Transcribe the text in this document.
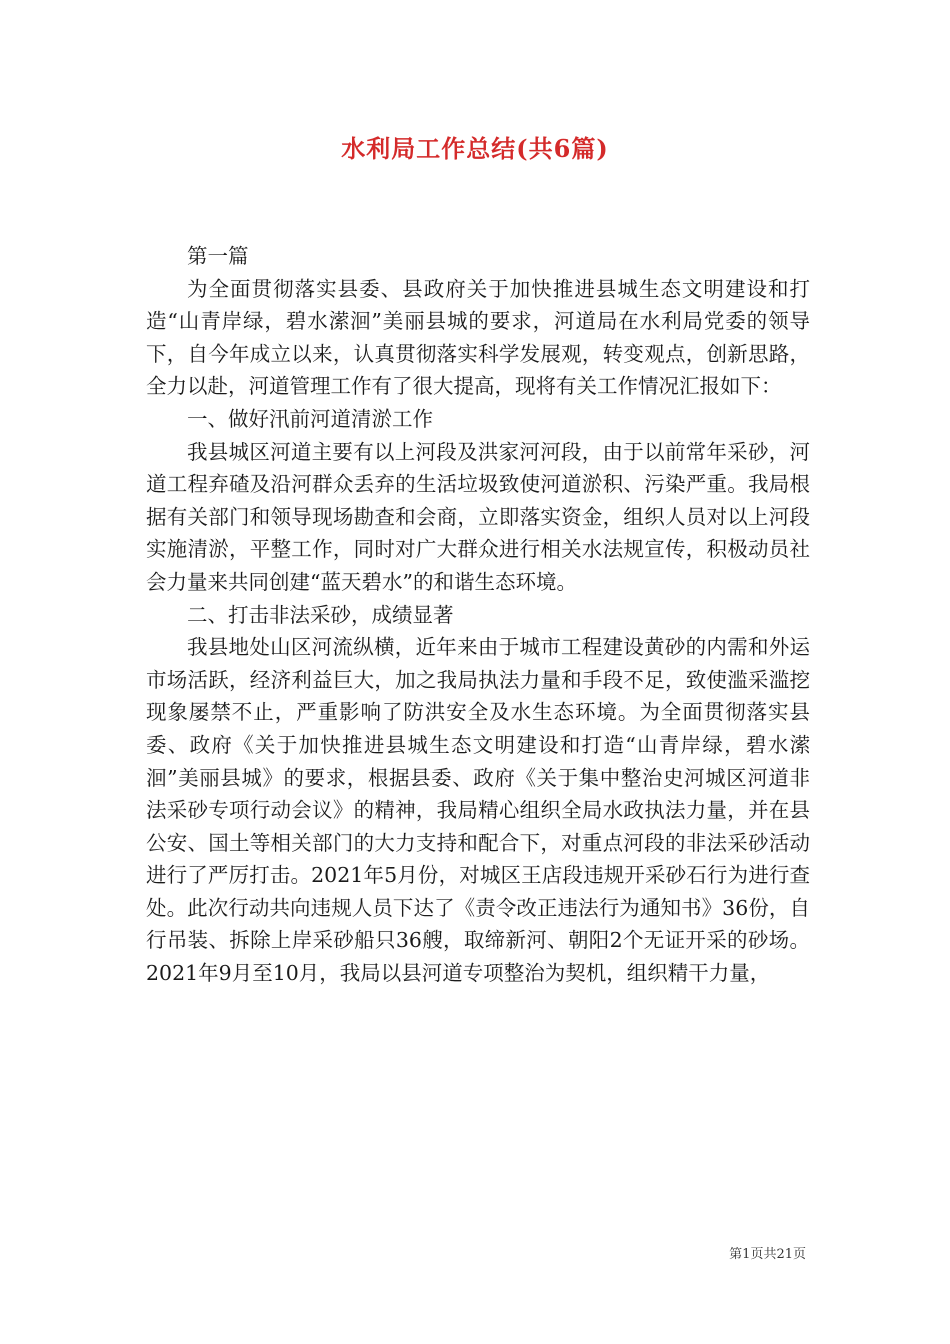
水利局工作总结(共6篇)

第一篇

为全面贯彻落实县委、县政府关于加快推进县城生态文明建设和打造“山青岸绿，碧水潆洄”美丽县城的要求，河道局在水利局党委的领导下，自今年成立以来，认真贯彻落实科学发展观，转变观点，创新思路，全力以赴，河道管理工作有了很大提高，现将有关工作情况汇报如下：

一、做好汛前河道清淤工作

我县城区河道主要有以上河段及洪家河河段，由于以前常年采砂，河道工程弃碴及沿河群众丢弃的生活垃圾致使河道淤积、污染严重。我局根据有关部门和领导现场勘查和会商，立即落实资金，组织人员对以上河段实施清淤，平整工作，同时对广大群众进行相关水法规宣传，积极动员社会力量来共同创建“蓝天碧水”的和谐生态环境。

二、打击非法采砂，成绩显著

我县地处山区河流纵横，近年来由于城市工程建设黄砂的内需和外运市场活跃，经济利益巨大，加之我局执法力量和手段不足，致使滥采滥挖现象屡禁不止，严重影响了防洪安全及水生态环境。为全面贯彻落实县委、政府《关于加快推进县城生态文明建设和打造“山青岸绿，碧水潆洄”美丽县城》的要求，根据县委、政府《关于集中整治史河城区河道非法采砂专项行动会议》的精神，我局精心组织全局水政执法力量，并在县公安、国土等相关部门的大力支持和配合下，对重点河段的非法采砂活动进行了严厉打击。2021年5月份，对城区王店段违规开采砂石行为进行查处。此次行动共向违规人员下达了《责令改正违法行为通知书》36份，自行吊装、拆除上岸采砂船只36艘，取缔新河、朝阳2个无证开采的砂场。2021年9月至10月，我局以县河道专项整治为契机，组织精干力量，

第1页共21页
